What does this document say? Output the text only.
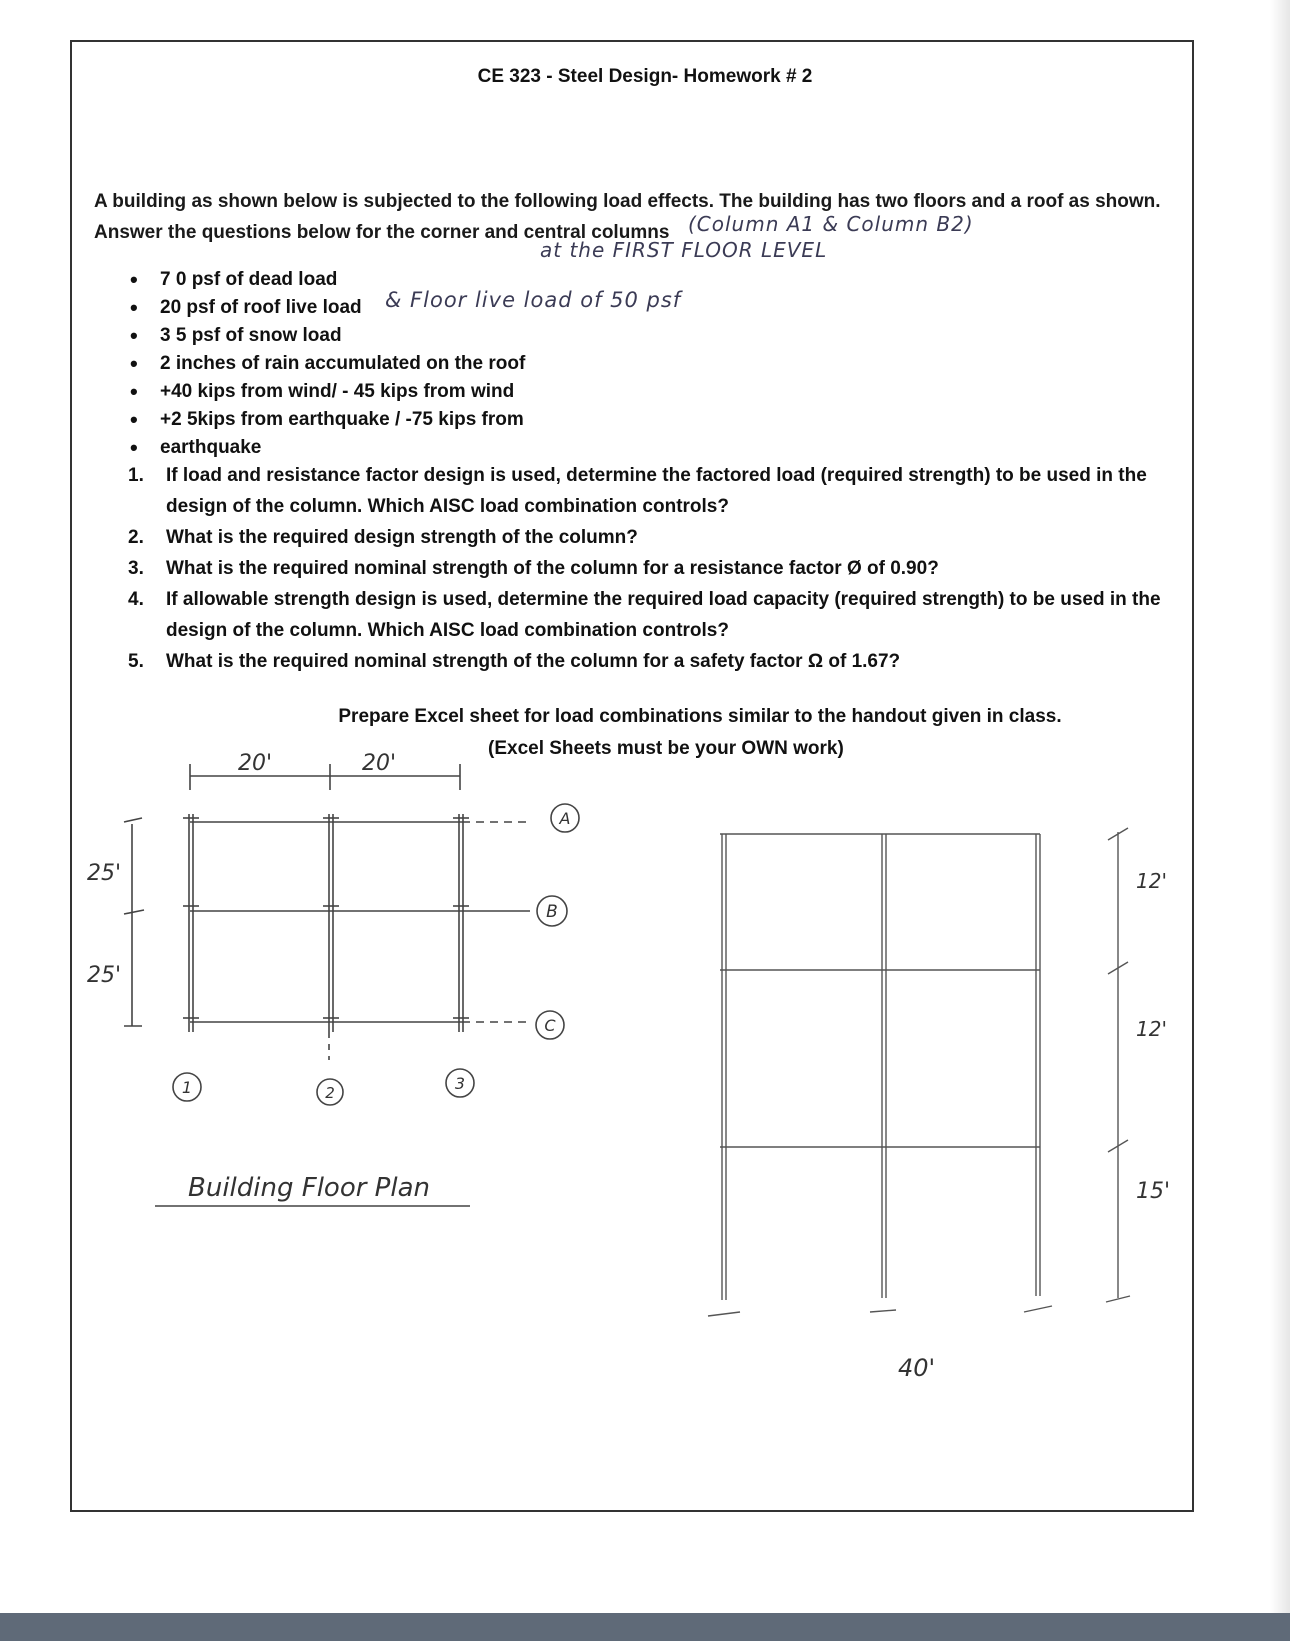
CE 323 - Steel Design- Homework # 2
A building as shown below is subjected to the following load effects. The building has two floors and a roof as shown.
Answer the questions below for the corner and central columns (Column A1 & Column B2)
at the FIRST FLOOR LEVEL
& Floor live load of 50 psf
• 7 0 psf of dead load
• 20 psf of roof live load
• 3 5 psf of snow load
• 2 inches of rain accumulated on the roof
• +40 kips from wind/ - 45 kips from wind
• +2 5kips from earthquake / -75 kips from
• earthquake
1. If load and resistance factor design is used, determine the factored load (required strength) to be used in the design of the column. Which AISC load combination controls?
2. What is the required design strength of the column?
3. What is the required nominal strength of the column for a resistance factor Ø of 0.90?
4. If allowable strength design is used, determine the required load capacity (required strength) to be used in the design of the column. Which AISC load combination controls?
5. What is the required nominal strength of the column for a safety factor Ω of 1.67?
Prepare Excel sheet for load combinations similar to the handout given in class.
(Excel Sheets must be your OWN work)
20'	20'
25'
25'
A
B
C
1	2	3
Building Floor Plan
12'
12'
15'
40'
